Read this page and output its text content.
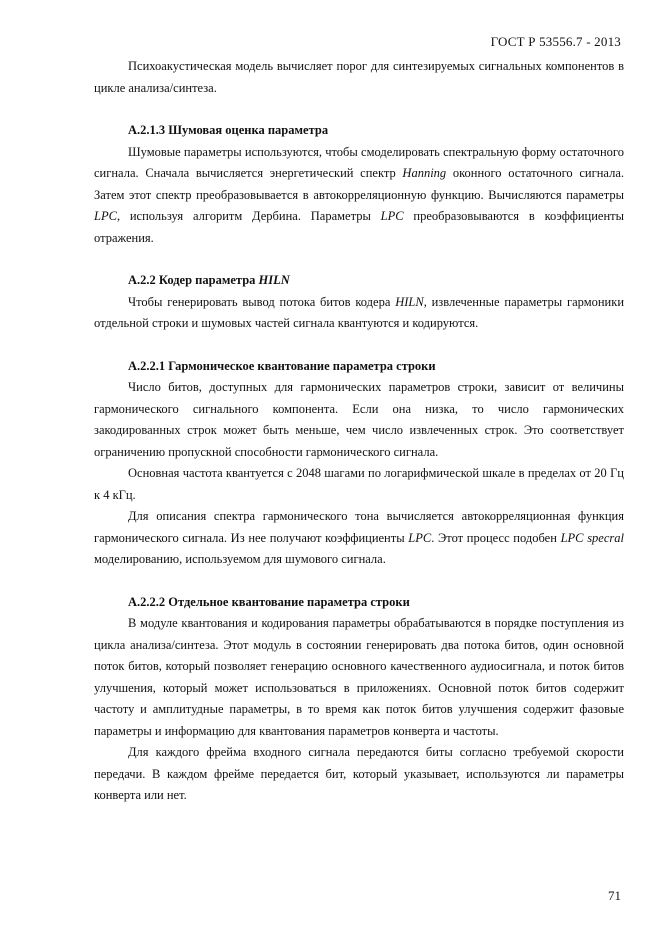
ГОСТ Р 53556.7 - 2013

Психоакустическая модель вычисляет порог для синтезируемых сигнальных компонентов в цикле анализа/синтеза.

А.2.1.3 Шумовая оценка параметра

Шумовые параметры используются, чтобы смоделировать спектральную форму остаточного сигнала. Сначала вычисляется энергетический спектр Hanning оконного остаточного сигнала. Затем этот спектр преобразовывается в автокорреляционную функцию. Вычисляются параметры LPC, используя алгоритм Дербина. Параметры LPC преобразовываются в коэффициенты отражения.

А.2.2 Кодер параметра HILN

Чтобы генерировать вывод потока битов кодера HILN, извлеченные параметры гармоники отдельной строки и шумовых частей сигнала квантуются и кодируются.

А.2.2.1 Гармоническое квантование параметра строки

Число битов, доступных для гармонических параметров строки, зависит от величины гармонического сигнального компонента. Если она низка, то число гармонических закодированных строк может быть меньше, чем число извлеченных строк. Это соответствует ограничению пропускной способности гармонического сигнала.

Основная частота квантуется с 2048 шагами по логарифмической шкале в пределах от 20 Гц к 4 кГц.

Для описания спектра гармонического тона вычисляется автокорреляционная функция гармонического сигнала. Из нее получают коэффициенты LPC. Этот процесс подобен LPC specral моделированию, используемом для шумового сигнала.

А.2.2.2 Отдельное квантование параметра строки

В модуле квантования и кодирования параметры обрабатываются в порядке поступления из цикла анализа/синтеза. Этот модуль в состоянии генерировать два потока битов, один основной поток битов, который позволяет генерацию основного качественного аудиосигнала, и поток битов улучшения, который может использоваться в приложениях. Основной поток битов содержит частоту и амплитудные параметры, в то время как поток битов улучшения содержит фазовые параметры и информацию для квантования параметров конверта и частоты.

Для каждого фрейма входного сигнала передаются биты согласно требуемой скорости передачи. В каждом фрейме передается бит, который указывает, используются ли параметры конверта или нет.

71
